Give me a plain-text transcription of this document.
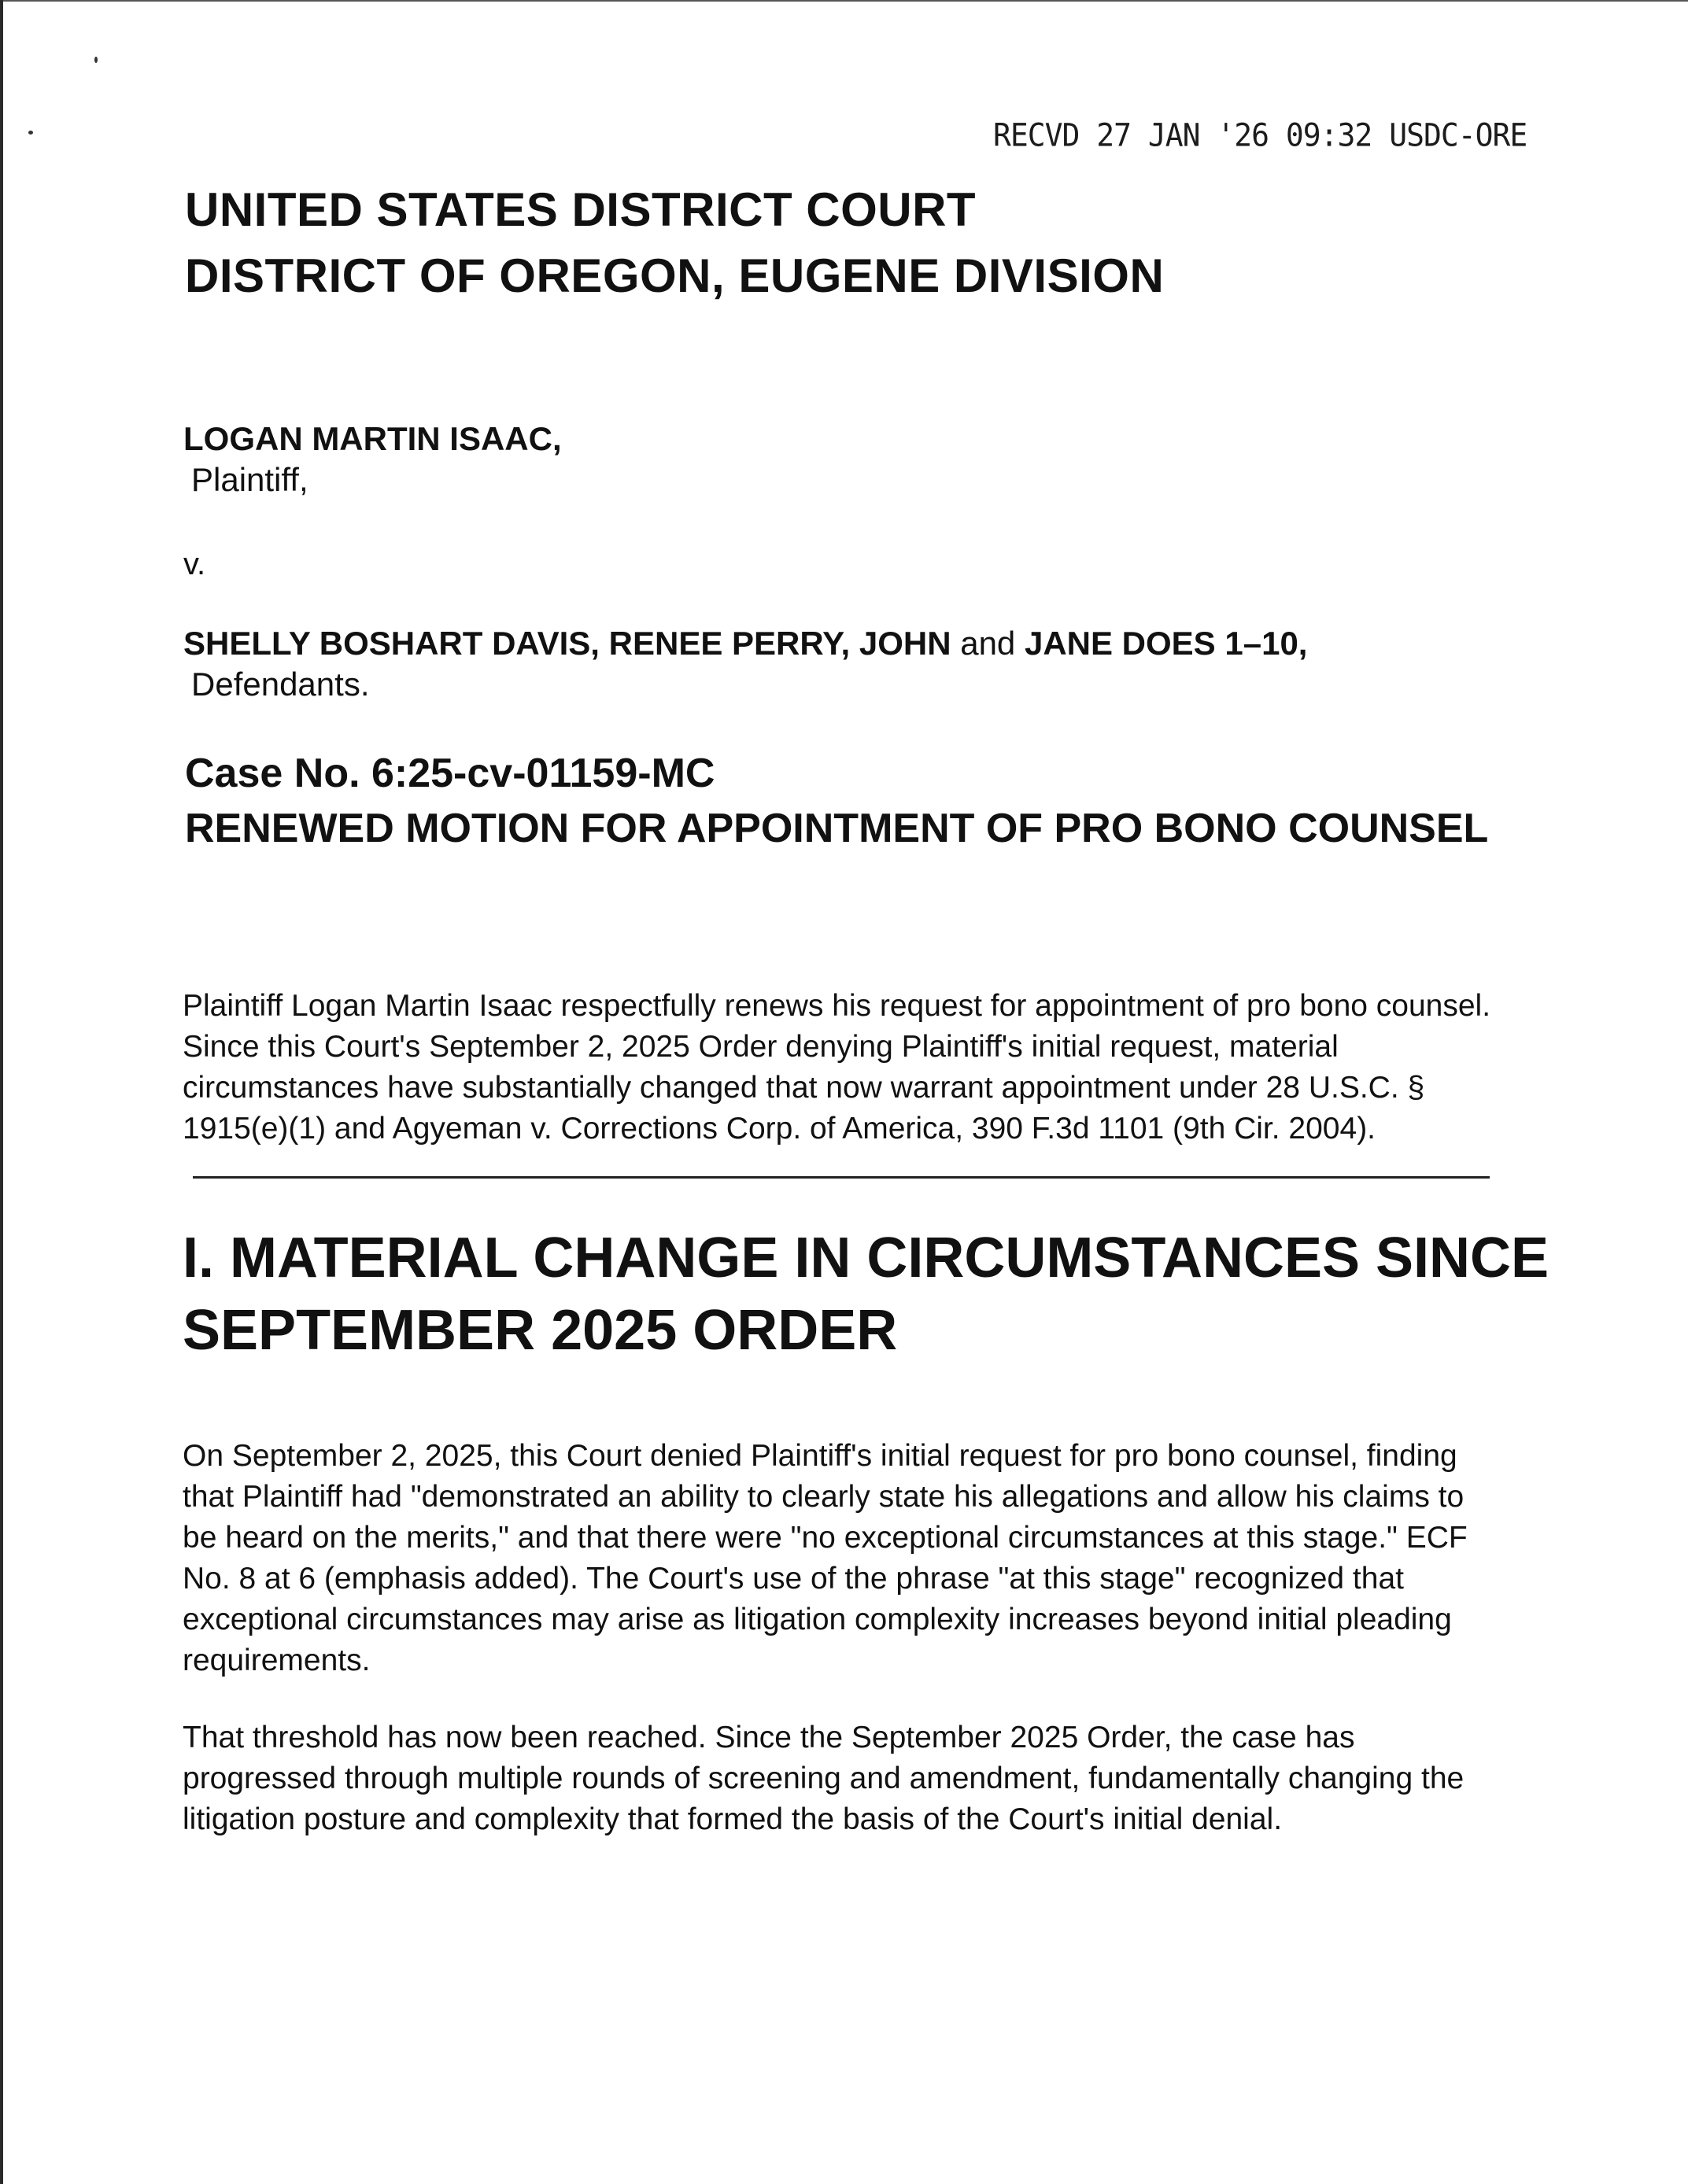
RECVD 27 JAN '26 09:32 USDC-ORE
UNITED STATES DISTRICT COURT
DISTRICT OF OREGON, EUGENE DIVISION
LOGAN MARTIN ISAAC,
Plaintiff,
v.
SHELLY BOSHART DAVIS, RENEE PERRY, JOHN and JANE DOES 1–10,
Defendants.
Case No. 6:25-cv-01159-MC
RENEWED MOTION FOR APPOINTMENT OF PRO BONO COUNSEL

Plaintiff Logan Martin Isaac respectfully renews his request for appointment of pro bono counsel. Since this Court's September 2, 2025 Order denying Plaintiff's initial request, material circumstances have substantially changed that now warrant appointment under 28 U.S.C. § 1915(e)(1) and Agyeman v. Corrections Corp. of America, 390 F.3d 1101 (9th Cir. 2004).

I. MATERIAL CHANGE IN CIRCUMSTANCES SINCE SEPTEMBER 2025 ORDER

On September 2, 2025, this Court denied Plaintiff's initial request for pro bono counsel, finding that Plaintiff had "demonstrated an ability to clearly state his allegations and allow his claims to be heard on the merits," and that there were "no exceptional circumstances at this stage." ECF No. 8 at 6 (emphasis added). The Court's use of the phrase "at this stage" recognized that exceptional circumstances may arise as litigation complexity increases beyond initial pleading requirements.

That threshold has now been reached. Since the September 2025 Order, the case has progressed through multiple rounds of screening and amendment, fundamentally changing the litigation posture and complexity that formed the basis of the Court's initial denial.
